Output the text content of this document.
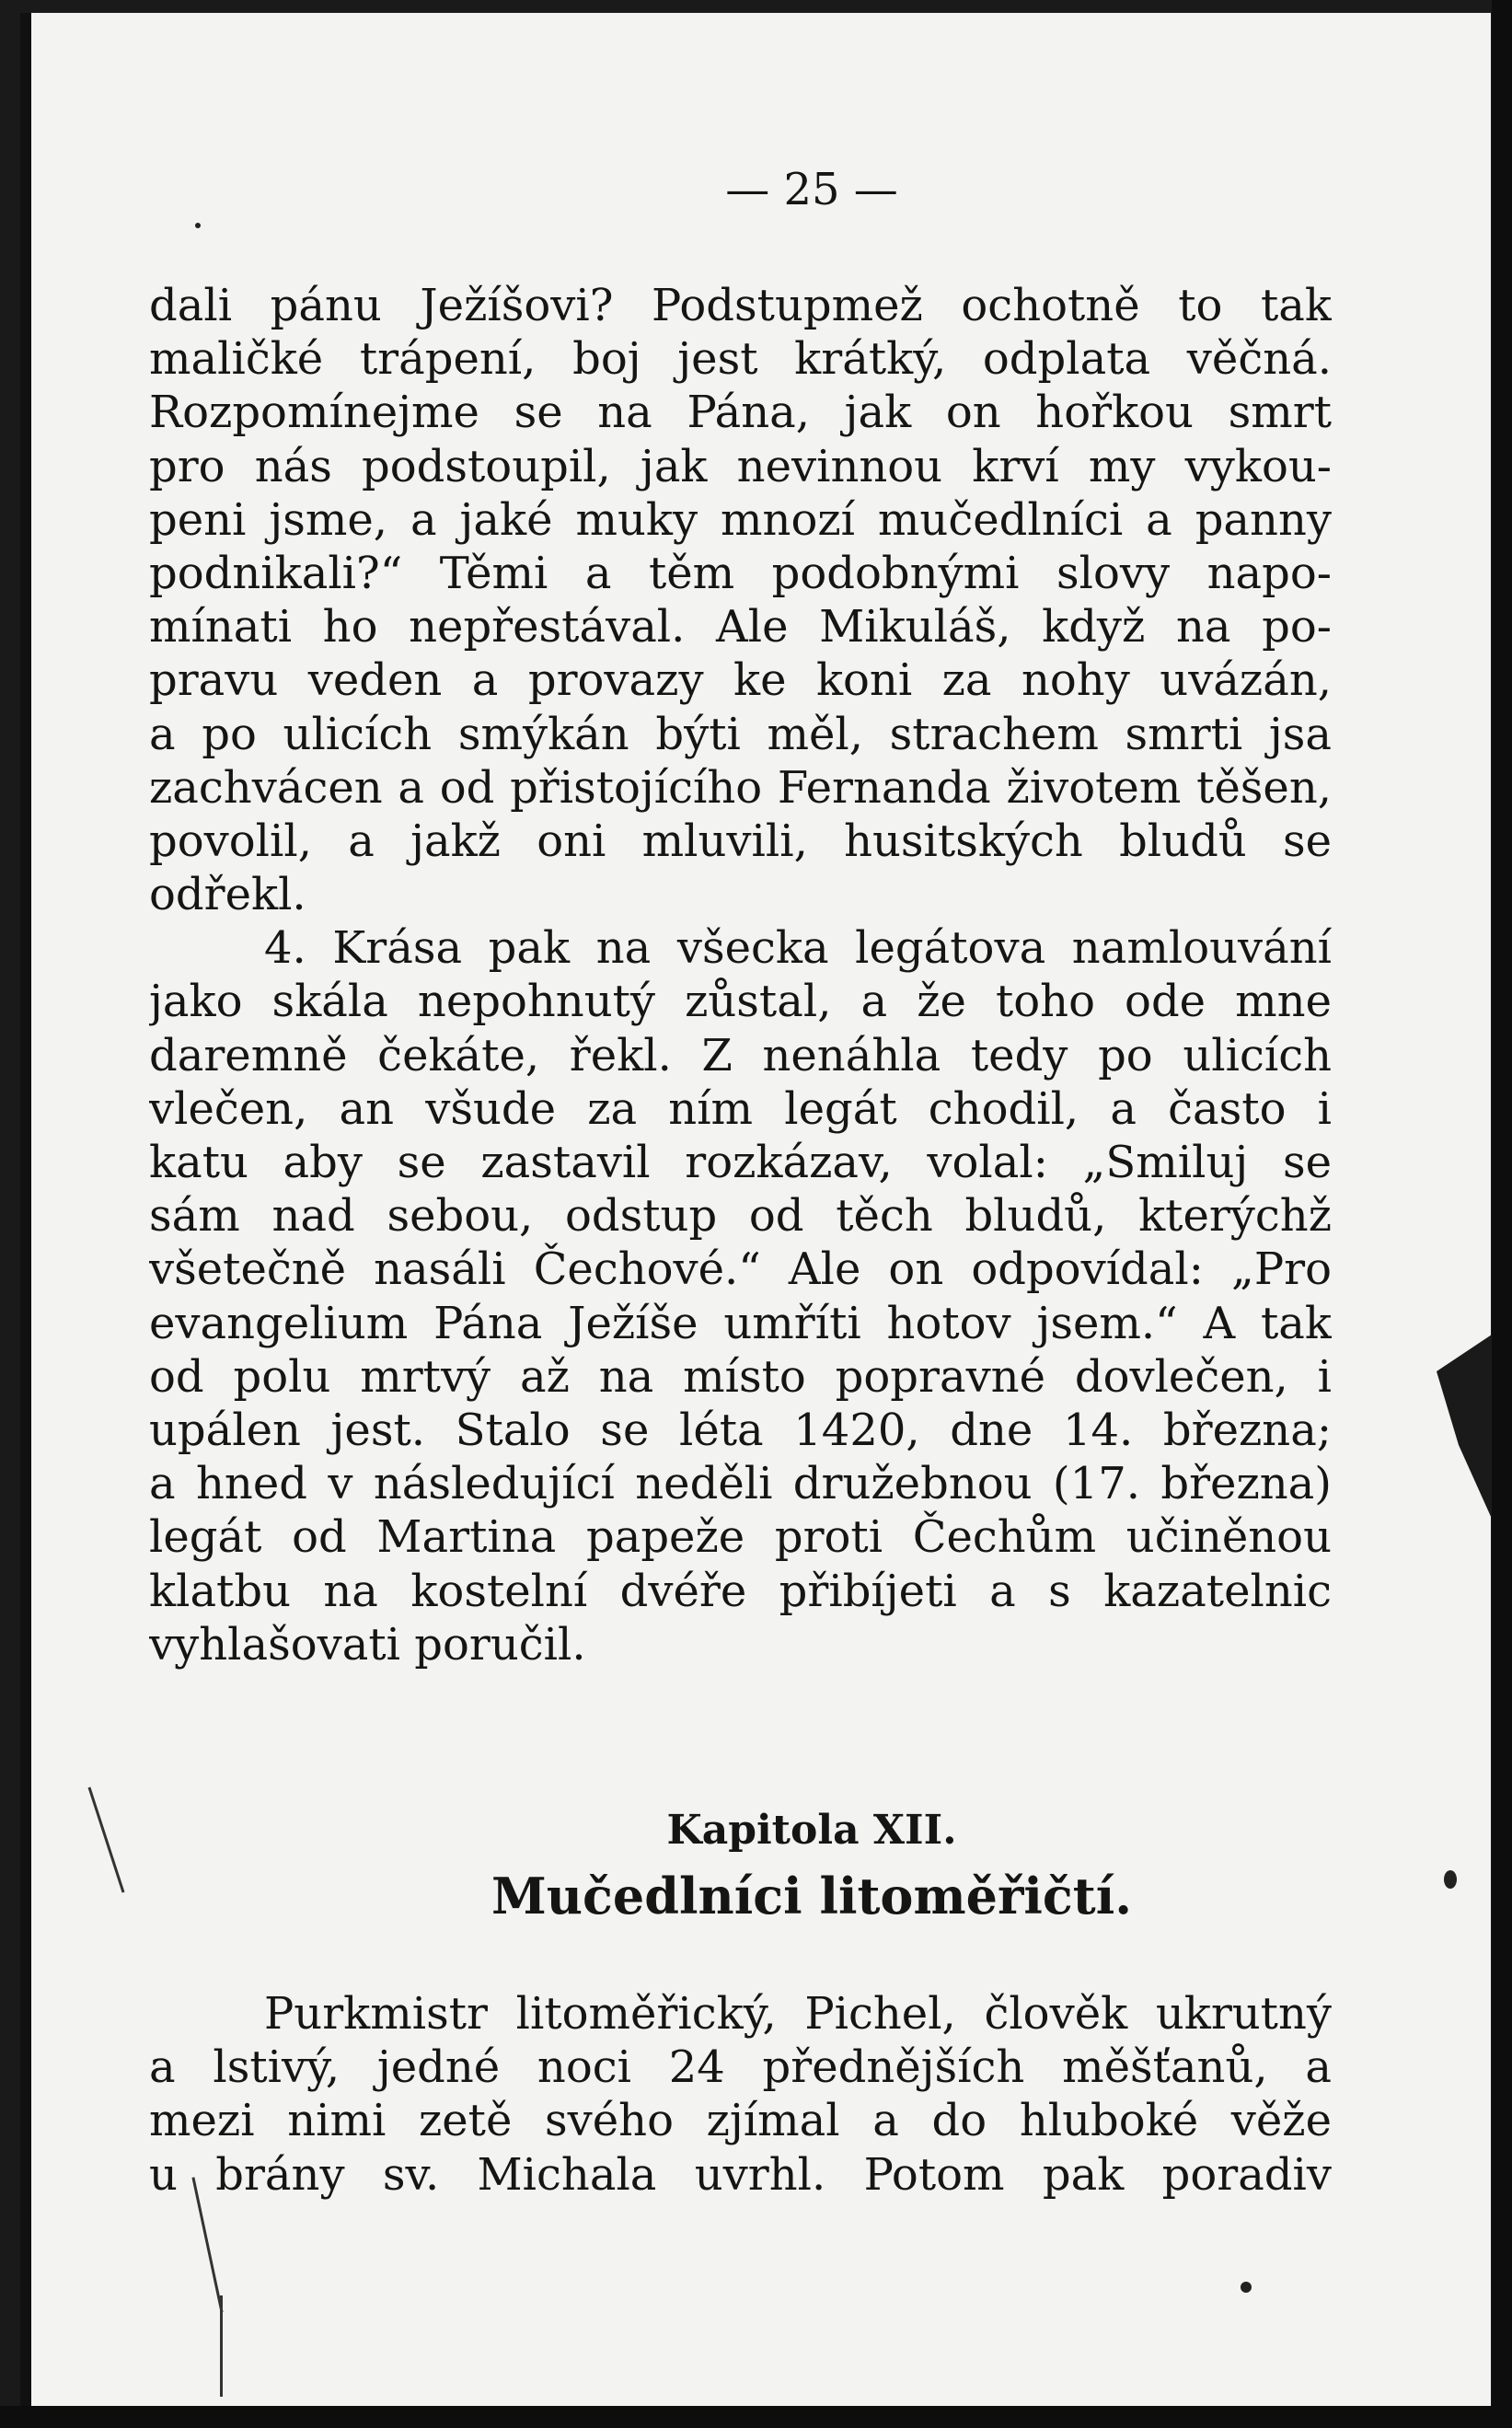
— 25 —
dali pánu Ježíšovi? Podstupmež ochotně to tak
maličké trápení, boj jest krátký, odplata věčná.
Rozpomínejme se na Pána, jak on hořkou smrt
pro nás podstoupil, jak nevinnou krví my vykou-
peni jsme, a jaké muky mnozí mučedlníci a panny
podnikali?“ Těmi a těm podobnými slovy napo-
mínati ho nepřestával. Ale Mikuláš, když na po-
pravu veden a provazy ke koni za nohy uvázán,
a po ulicích smýkán býti měl, strachem smrti jsa
zachvácen a od přistojícího Fernanda životem těšen,
povolil, a jakž oni mluvili, husitských bludů se
odřekl.
4. Krása pak na všecka legátova namlouvání
jako skála nepohnutý zůstal, a že toho ode mne
daremně čekáte, řekl. Z nenáhla tedy po ulicích
vlečen, an všude za ním legát chodil, a často i
katu aby se zastavil rozkázav, volal: „Smiluj se
sám nad sebou, odstup od těch bludů, kterýchž
všetečně nasáli Čechové.“ Ale on odpovídal: „Pro
evangelium Pána Ježíše umříti hotov jsem.“ A tak
od polu mrtvý až na místo popravné dovlečen, i
upálen jest. Stalo se léta 1420, dne 14. března;
a hned v následující neděli družebnou (17. března)
legát od Martina papeže proti Čechům učiněnou
klatbu na kostelní dvéře přibíjeti a s kazatelnic
vyhlašovati poručil.
Kapitola XII.
Mučedlníci litoměřičtí.
Purkmistr litoměřický, Pichel, člověk ukrutný
a lstivý, jedné noci 24 přednějších měšťanů, a
mezi nimi zetě svého zjímal a do hluboké věže
u brány sv. Michala uvrhl. Potom pak poradiv
